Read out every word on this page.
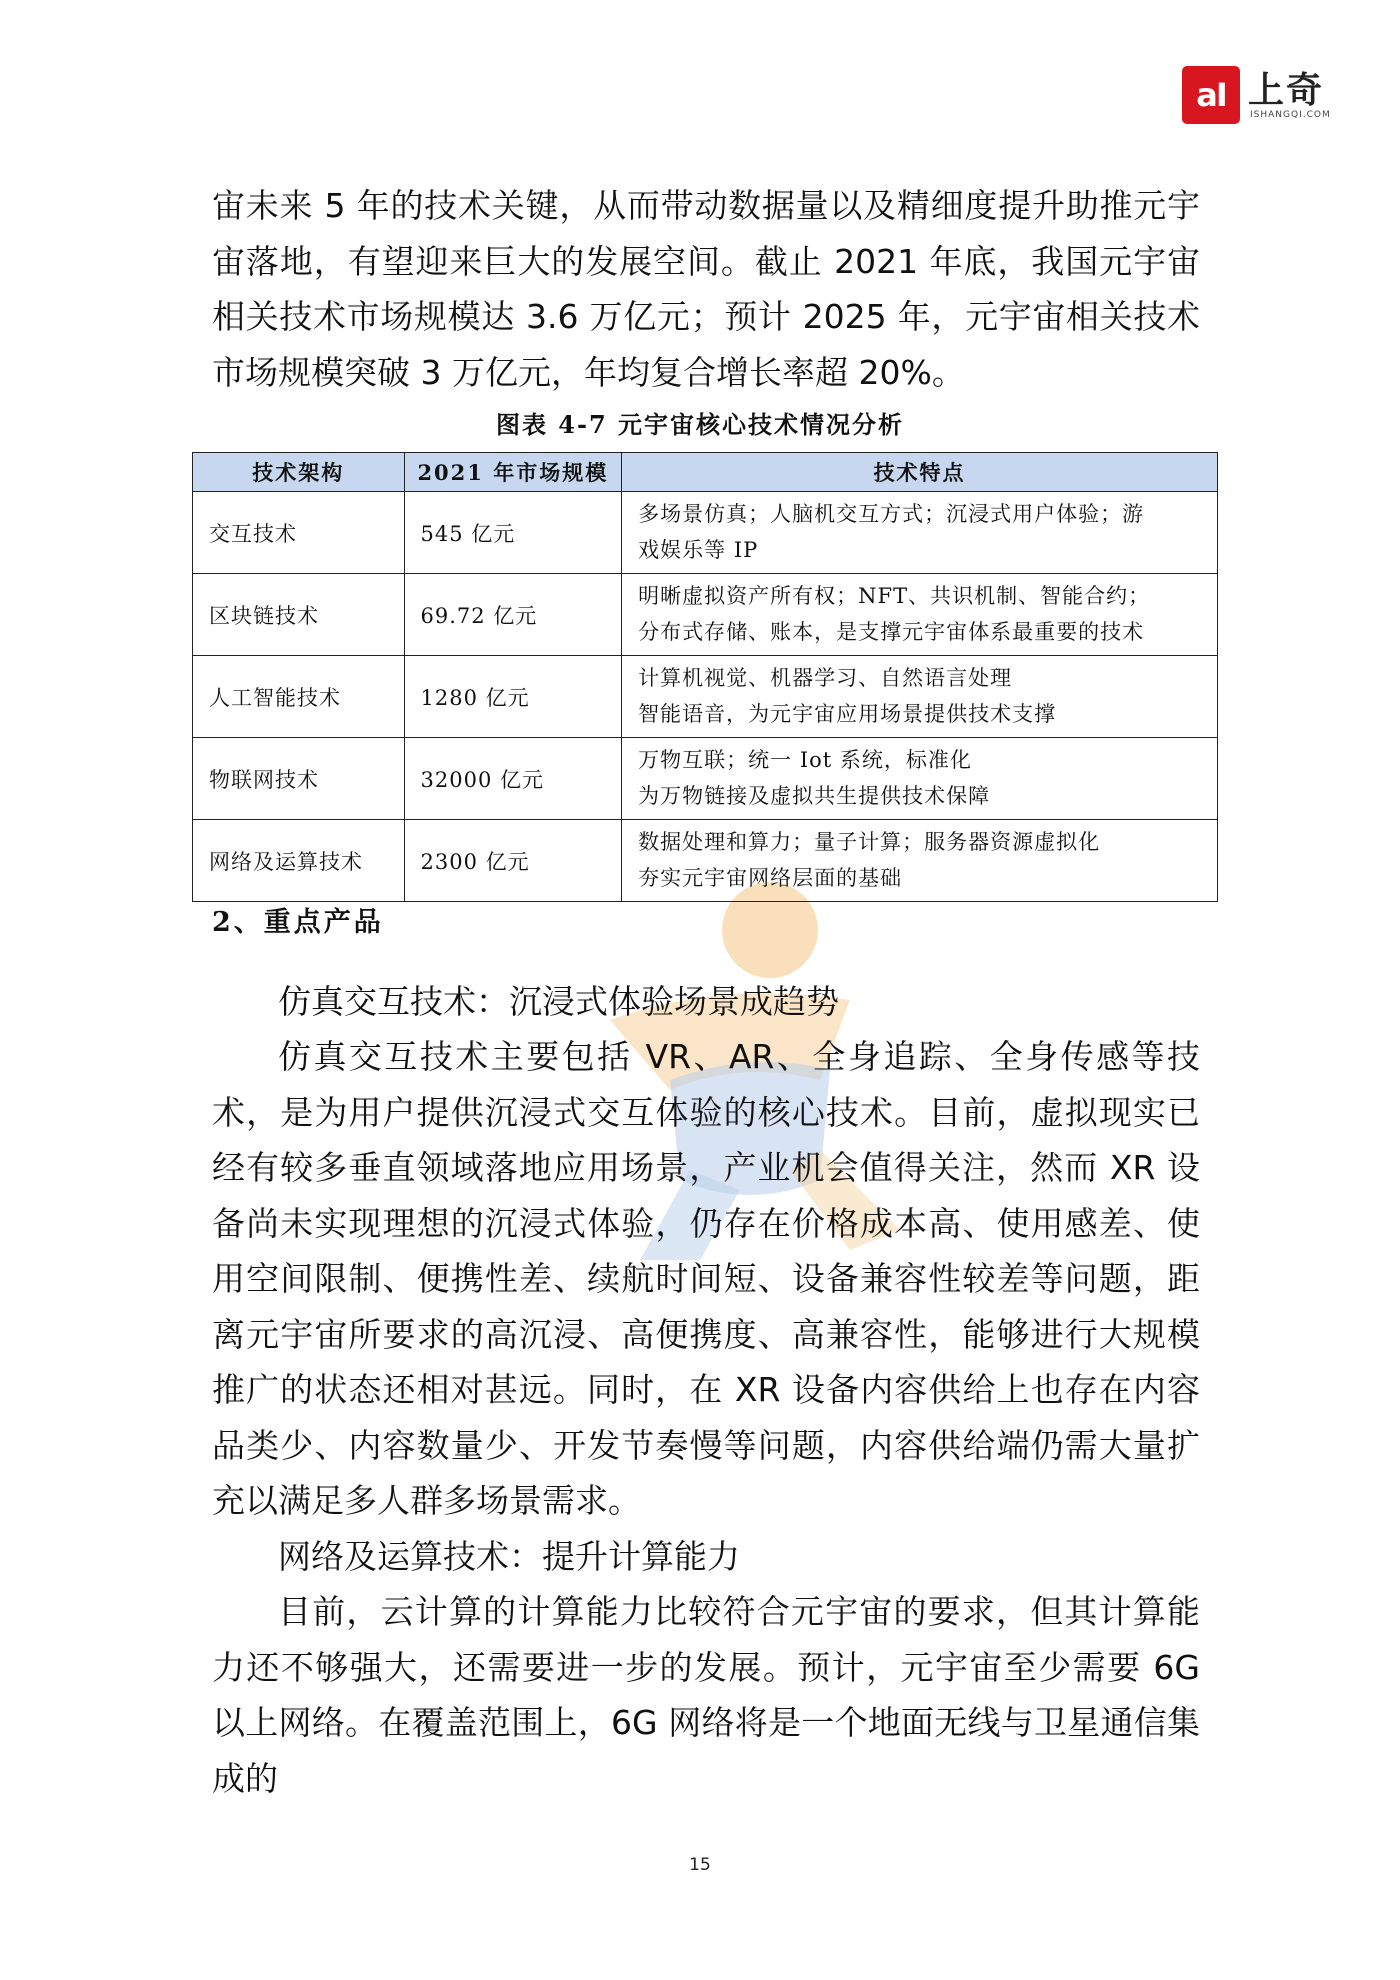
aI 上奇
ISHANGQI.COM

宙未来 5 年的技术关键，从而带动数据量以及精细度提升助推元宇宙落地，有望迎来巨大的发展空间。截止 2021 年底，我国元宇宙相关技术市场规模达 3.6 万亿元；预计 2025 年，元宇宙相关技术市场规模突破 3 万亿元，年均复合增长率超 20%。

图表 4-7 元宇宙核心技术情况分析
技术架构	2021 年市场规模	技术特点
交互技术	545 亿元	多场景仿真；人脑机交互方式；沉浸式用户体验；游
戏娱乐等 IP

区块链技术	69.72 亿元	明晰虚拟资产所有权；NFT、共识机制、智能合约；
分布式存储、账本，是支撑元宇宙体系最重要的技术

人工智能技术	1280 亿元	计算机视觉、机器学习、自然语言处理
智能语音，为元宇宙应用场景提供技术支撑

物联网技术	32000 亿元	万物互联；统一 Iot 系统，标准化
为万物链接及虚拟共生提供技术保障

网络及运算技术	2300 亿元	数据处理和算力；量子计算；服务器资源虚拟化
夯实元宇宙网络层面的基础
2、重点产品

仿真交互技术：沉浸式体验场景成趋势

仿真交互技术主要包括 VR、AR、全身追踪、全身传感等技术，是为用户提供沉浸式交互体验的核心技术。目前，虚拟现实已经有较多垂直领域落地应用场景，产业机会值得关注，然而 XR 设备尚未实现理想的沉浸式体验，仍存在价格成本高、使用感差、使用空间限制、便携性差、续航时间短、设备兼容性较差等问题，距离元宇宙所要求的高沉浸、高便携度、高兼容性，能够进行大规模推广的状态还相对甚远。同时，在 XR 设备内容供给上也存在内容品类少、内容数量少、开发节奏慢等问题，内容供给端仍需大量扩充以满足多人群多场景需求。

网络及运算技术：提升计算能力

目前，云计算的计算能力比较符合元宇宙的要求，但其计算能力还不够强大，还需要进一步的发展。预计，元宇宙至少需要 6G 以上网络。在覆盖范围上，6G 网络将是一个地面无线与卫星通信集成的

15
